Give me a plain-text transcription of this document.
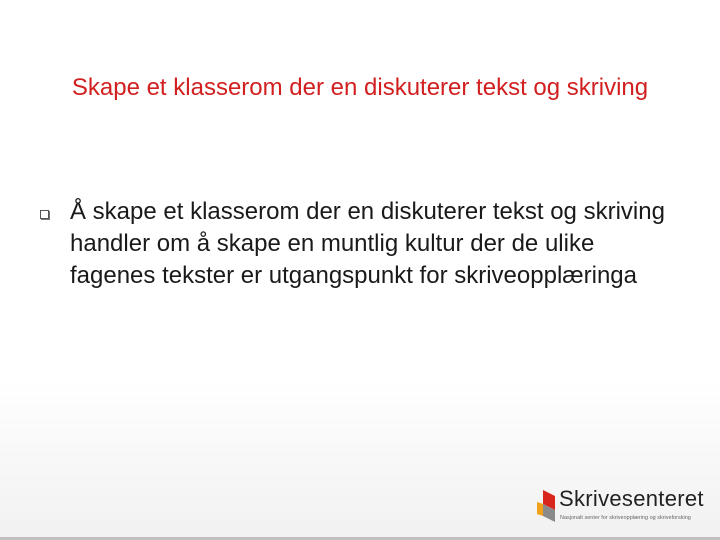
Skape et klasserom der en diskuterer tekst og skriving
Å skape et klasserom der en diskuterer tekst og skriving handler om å skape en muntlig kultur der de ulike fagenes tekster er utgangspunkt for skriveopplæringa
Skrivesenteret
Nasjonalt senter for skriveopplæring og skriveforsking
